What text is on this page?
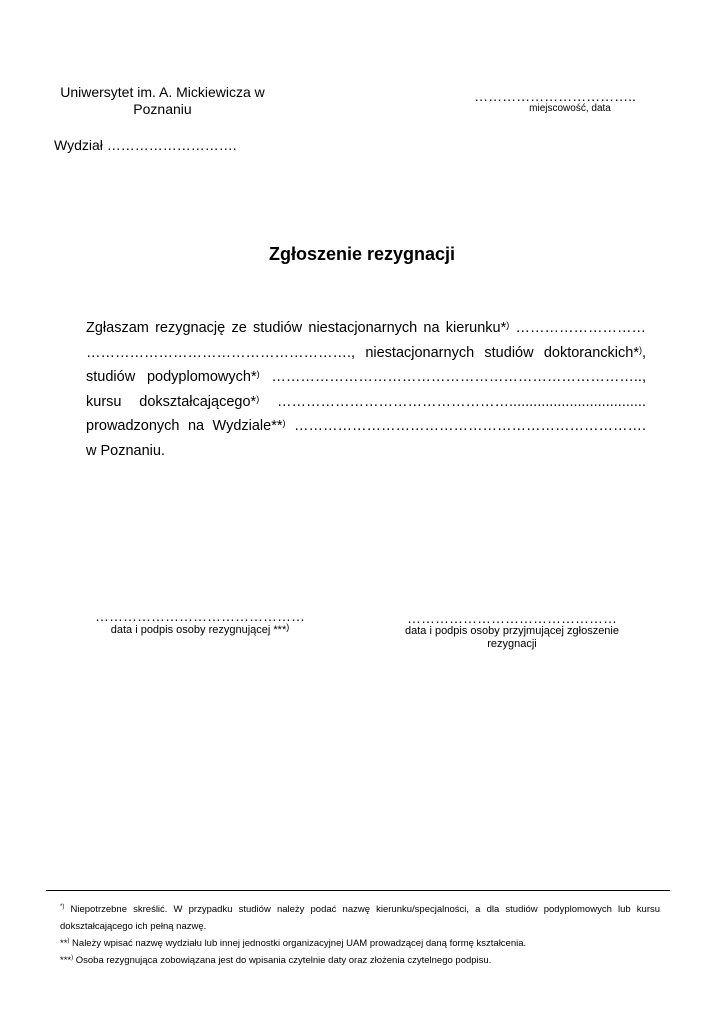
Uniwersytet im. A. Mickiewicza w
Poznaniu
……………………………..
miejscowość, data
Wydział ……………………….
Zgłoszenie rezygnacji
Zgłaszam rezygnację ze studiów niestacjonarnych na kierunku*) ………………………
………………………………………………., niestacjonarnych studiów doktoranckich*),
studiów podyplomowych*) …………………………………………………………………..,
kursu dokształcającego*) …………………………………………..................................
prowadzonych na Wydziale**) ……………………………………………………………….
w Poznaniu.
………………………………………
data i podpis osoby rezygnującej ***)
………………………………………
data i podpis osoby przyjmującej zgłoszenie
rezygnacji
*) Niepotrzebne skreślić. W przypadku studiów należy podać nazwę kierunku/specjalności, a dla studiów podyplomowych lub kursu
dokształcającego ich pełną nazwę.
**) Należy wpisać nazwę wydziału lub innej jednostki organizacyjnej UAM prowadzącej daną formę kształcenia.
***) Osoba rezygnująca zobowiązana jest do wpisania czytelnie daty oraz złożenia czytelnego podpisu.
